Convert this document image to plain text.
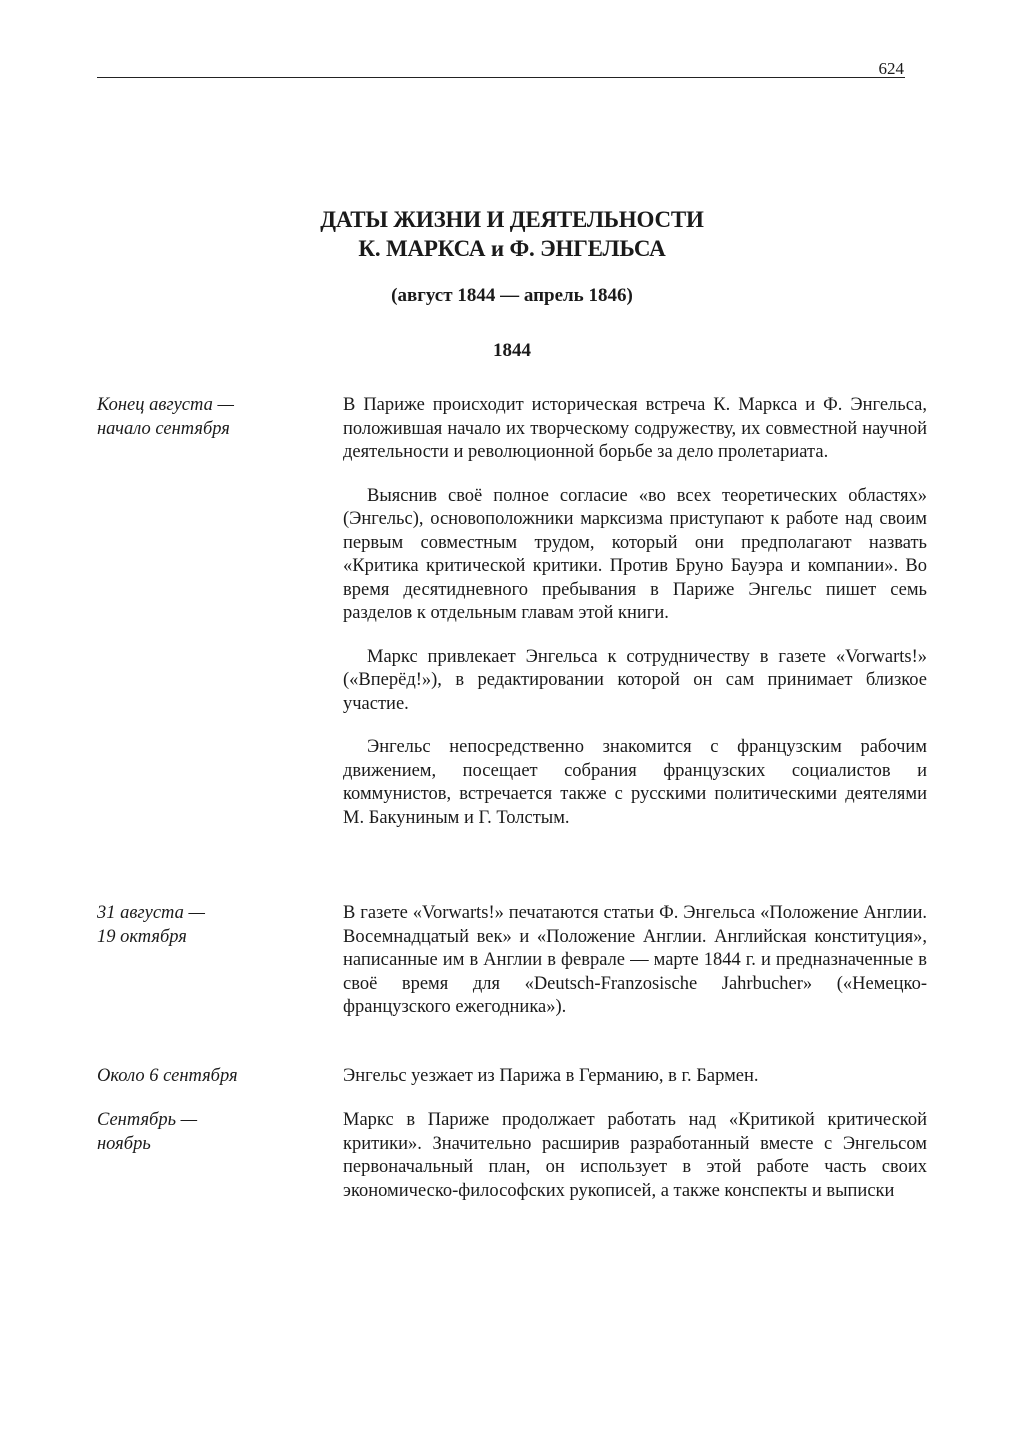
624
ДАТЫ ЖИЗНИ И ДЕЯТЕЛЬНОСТИ
К. МАРКСА и Ф. ЭНГЕЛЬСА
(август 1844 — апрель 1846)
1844
Конец августа —
начало сентября

В Париже происходит историческая встреча К. Маркса и Ф. Энгельса, положившая начало их творческому содружеству, их совместной научной деятельности и революционной борьбе за дело пролетариата.

Выяснив своё полное согласие «во всех теоретических областях» (Энгельс), основоположники марксизма приступают к работе над своим первым совместным трудом, который они предполагают назвать «Критика критической критики. Против Бруно Бауэра и компании». Во время десятидневного пребывания в Париже Энгельс пишет семь разделов к отдельным главам этой книги.

Маркс привлекает Энгельса к сотрудничеству в газете «Vorwarts!» («Вперёд!»), в редактировании которой он сам принимает близкое участие.

Энгельс непосредственно знакомится с французским рабочим движением, посещает собрания французских социалистов и коммунистов, встречается также с русскими политическими деятелями М. Бакуниным и Г. Толстым.

31 августа —
19 октября

В газете «Vorwarts!» печатаются статьи Ф. Энгельса «Положение Англии. Восемнадцатый век» и «Положение Англии. Английская конституция», написанные им в Англии в феврале — марте 1844 г. и предназначенные в своё время для «Deutsch-Franzosische Jahrbucher» («Немецко-французского ежегодника»).

Около 6 сентября	Энгельс уезжает из Парижа в Германию, в г. Бармен.

Сентябрь —
ноябрь

Маркс в Париже продолжает работать над «Критикой критической критики». Значительно расширив разработанный вместе с Энгельсом первоначальный план, он использует в этой работе часть своих экономическо-философских рукописей, а также конспекты и выписки
